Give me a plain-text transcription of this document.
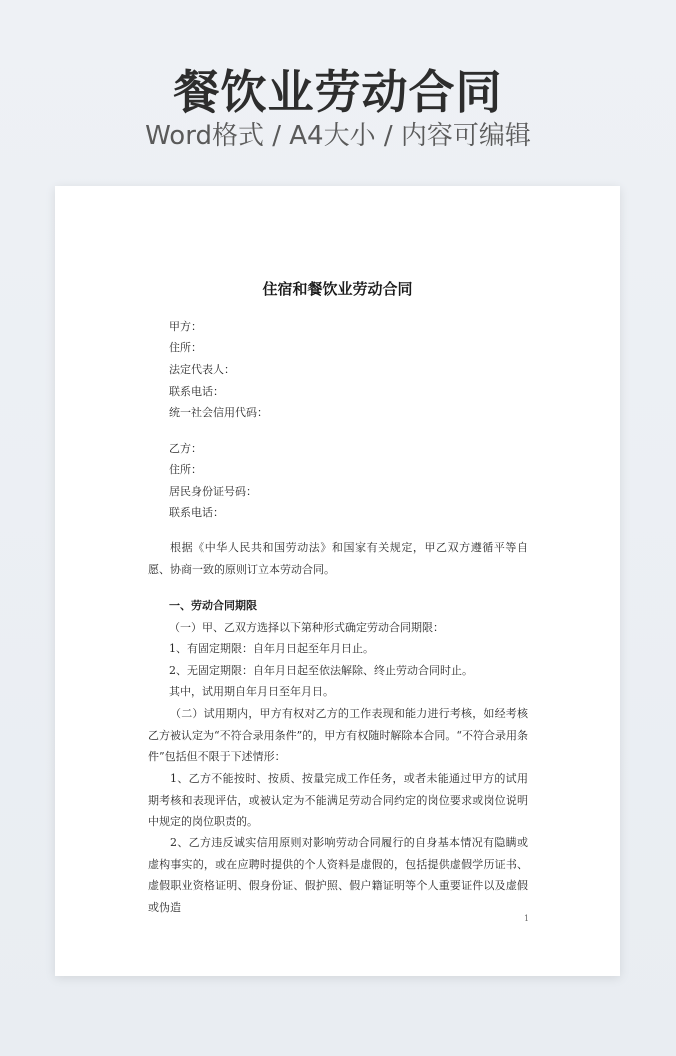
餐饮业劳动合同
Word格式 / A4大小 / 内容可编辑
住宿和餐饮业劳动合同
甲方：
住所：
法定代表人：
联系电话：
统一社会信用代码：
乙方：
住所：
居民身份证号码：
联系电话：

根据《中华人民共和国劳动法》和国家有关规定，甲乙双方遵循平等自愿、协商一致的原则订立本劳动合同。

一、劳动合同期限
（一）甲、乙双方选择以下第种形式确定劳动合同期限：
1、有固定期限：自年月日起至年月日止。
2、无固定期限：自年月日起至依法解除、终止劳动合同时止。
其中，试用期自年月日至年月日。

（二）试用期内，甲方有权对乙方的工作表现和能力进行考核，如经考核乙方被认定为“不符合录用条件”的，甲方有权随时解除本合同。“不符合录用条件”包括但不限于下述情形：

1、乙方不能按时、按质、按量完成工作任务，或者未能通过甲方的试用期考核和表现评估，或被认定为不能满足劳动合同约定的岗位要求或岗位说明中规定的岗位职责的。

2、乙方违反诚实信用原则对影响劳动合同履行的自身基本情况有隐瞒或虚构事实的，或在应聘时提供的个人资料是虚假的，包括提供虚假学历证书、虚假职业资格证明、假身份证、假护照、假户籍证明等个人重要证件以及虚假或伪造

1
